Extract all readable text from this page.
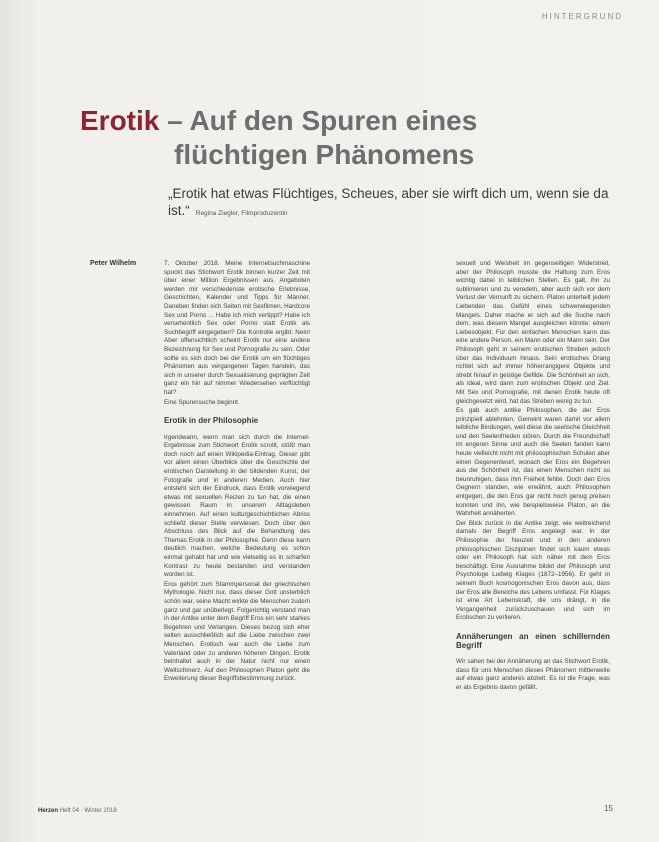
HINTERGRUND
Erotik – Auf den Spuren eines
flüchtigen Phänomens
„Erotik hat etwas Flüchtiges, Scheues, aber sie wirft dich um, wenn sie da ist.“ Regina Ziegler, Filmproduzentin
Peter Wilhelm	7. Oktober 2018. Meine Internetsuchmaschine spuckt das Stichwort Erotik binnen kurzer Zeit mit über einer Million Ergebnissen aus. Angeboten werden mir verschiedenste erotische Erlebnisse, Geschichten, Kalender und Tipps für Männer. Daneben finden sich Seiten mit Sexfilmen, Hardcore Sex und Porno ... Habe ich mich vertippt? Habe ich versehentlich Sex oder Porno statt Erotik als Suchbegriff eingegeben? Die Kontrolle ergibt: Nein! Aber offensichtlich scheint Erotik nur eine andere Bezeichnung für Sex und Pornografie zu sein. Oder sollte es sich doch bei der Erotik um ein flüchtiges Phänomen aus vergangenen Tagen handeln, das sich in unserer durch Sexualisierung geprägten Zeit ganz ein hin auf nimmer Wiedersehen verflüchtigt hat?

Eine Spurensuche beginnt.

Erotik in der Philosophie

Irgendwann, wenn man sich durch die Internet-Ergebnisse zum Stichwort Erotik scrollt, stößt man doch noch auf einen Wikipedia-Eintrag. Dieser gibt vor allem einen Überblick über die Geschichte der erotischen Darstellung in der bildenden Kunst, der Fotografie und in anderen Medien. Auch hier entsteht sich der Eindruck, dass Erotik vorwiegend etwas mit sexuellen Reizen zu tun hat, die einen gewissen Raum in unserem Alltagsleben einnehmen. Auf einen kulturgeschichtlichen Abriss schließt dieser Stelle verwiesen. Doch über den Abschluss des Blick auf die Behandlung des Themas Erotik in der Philosophie. Denn diese kann deutlich machen, welche Bedeutung es schon einmal gehabt hat und wie vielseitig es in scharfen Kontrast zu heute bestanden und verstanden worden ist.

Eros gehört zum Stammpersonal der griechischen Mythologie. Nicht nur, dass dieser Gott unsterblich schön war, seine Macht wirkte die Menschen zudem ganz und gar unüberlegt. Folgerichtig verstand man in der Antike unter dem Begriff Eros ein sehr starkes Begehren und Verlangen. Dieses bezog sich eher selten ausschließlich auf die Liebe zwischen zwei Menschen. Erotisch war auch die Liebe zum Vaterland oder zu anderen höheren Dingen. Erotik beinhaltet auch in der Natur nicht nur einen Weltschmerz. Auf den Philosophen Platon geht die Erweiterung dieser Begriffsbestimmung zurück.

sexuell und Weisheit im gegenseitigen Widerstreit, aber der Philosoph musste die Haltung zum Eros wichtig dabei in leiblichen Stellen. Es galt, ihn zu sublimieren und zu veredeln, aber auch sich vor dem Verlust der Vernunft zu sichern. Platon unterteilt jedem Liebenden das Gefühl eines schwerwiegenden Mangels. Daher mache er sich auf die Suche nach dem, was diesem Mangel ausgleichen könnte: einem Liebesobjekt. Für den einfachen Menschen kann das eine andere Person, ein Mann oder ein Mann sein. Der Philosoph geht in seinem erotischen Streben jedoch über das Individuum hinaus. Sein erotisches Drang richtet sich auf immer höherrangigere Objekte und strebt hinauf in geistige Gefilde. Die Schönheit an sich, als ideal, wird dann zum erotischen Objekt und Ziel. Mit Sex und Pornografie, mit denen Erotik heute oft gleichgesetzt wird, hat das Streben wenig zu tun.

Es gab auch antike Philosophen, die der Eros prinzipiell ablehnten. Gemeint waren damit vor allem leibliche Bindungen, weil diese die seelische Gleichheit und den Seelenfrieden stören. Durch die Freundschaft im engeren Sinne und auch die Seelen fanden kann heute vielleicht nicht mit philosophischen Schulen aber einen Gegenentwurf, wonach der Eros ein Begehren aus der Schönheit ist, das einen Menschen nicht so beunruhigen, dass ihm Freiheit fehlte. Doch den Eros Gegnern standen, wie erwähnt, auch Philosophen entgegen, die den Eros gar nicht hoch genug preisen konnten und ihn, wie beispielsweise Platon, an die Wahrheit annäherten.

Der Blick zurück in die Antike zeigt, wie weitreichend damals der Begriff Eros angelegt war. In der Philosophie der Neuzeit und in den anderen philosophischen Disziplinen findet sich kaum etwas oder ein Philosoph hat sich näher mit dem Eros beschäftigt. Eine Ausnahme bildet der Philosoph und Psychologe Ludwig Klages (1872–1956). Er geht in seinem Buch kosmogonischen Eros davon aus, dass der Eros alle Bereiche des Lebens umfasst. Für Klages ist eine Art Lebenskraft, die uns drängt, in die Vergangenheit zurückzuschauen und sich im Erotischen zu verlieren.

Annäherungen an einen schillernden Begriff

Wir sahen bei der Annäherung an das Stichwort Erotik, dass für uns Menschen dieses Phänomen mittlerweile auf etwas ganz anderes abzielt. Es ist die Frage, was er als Ergebnis davon gefällt.

Herzen Heft 04 · Winter 2018	15
